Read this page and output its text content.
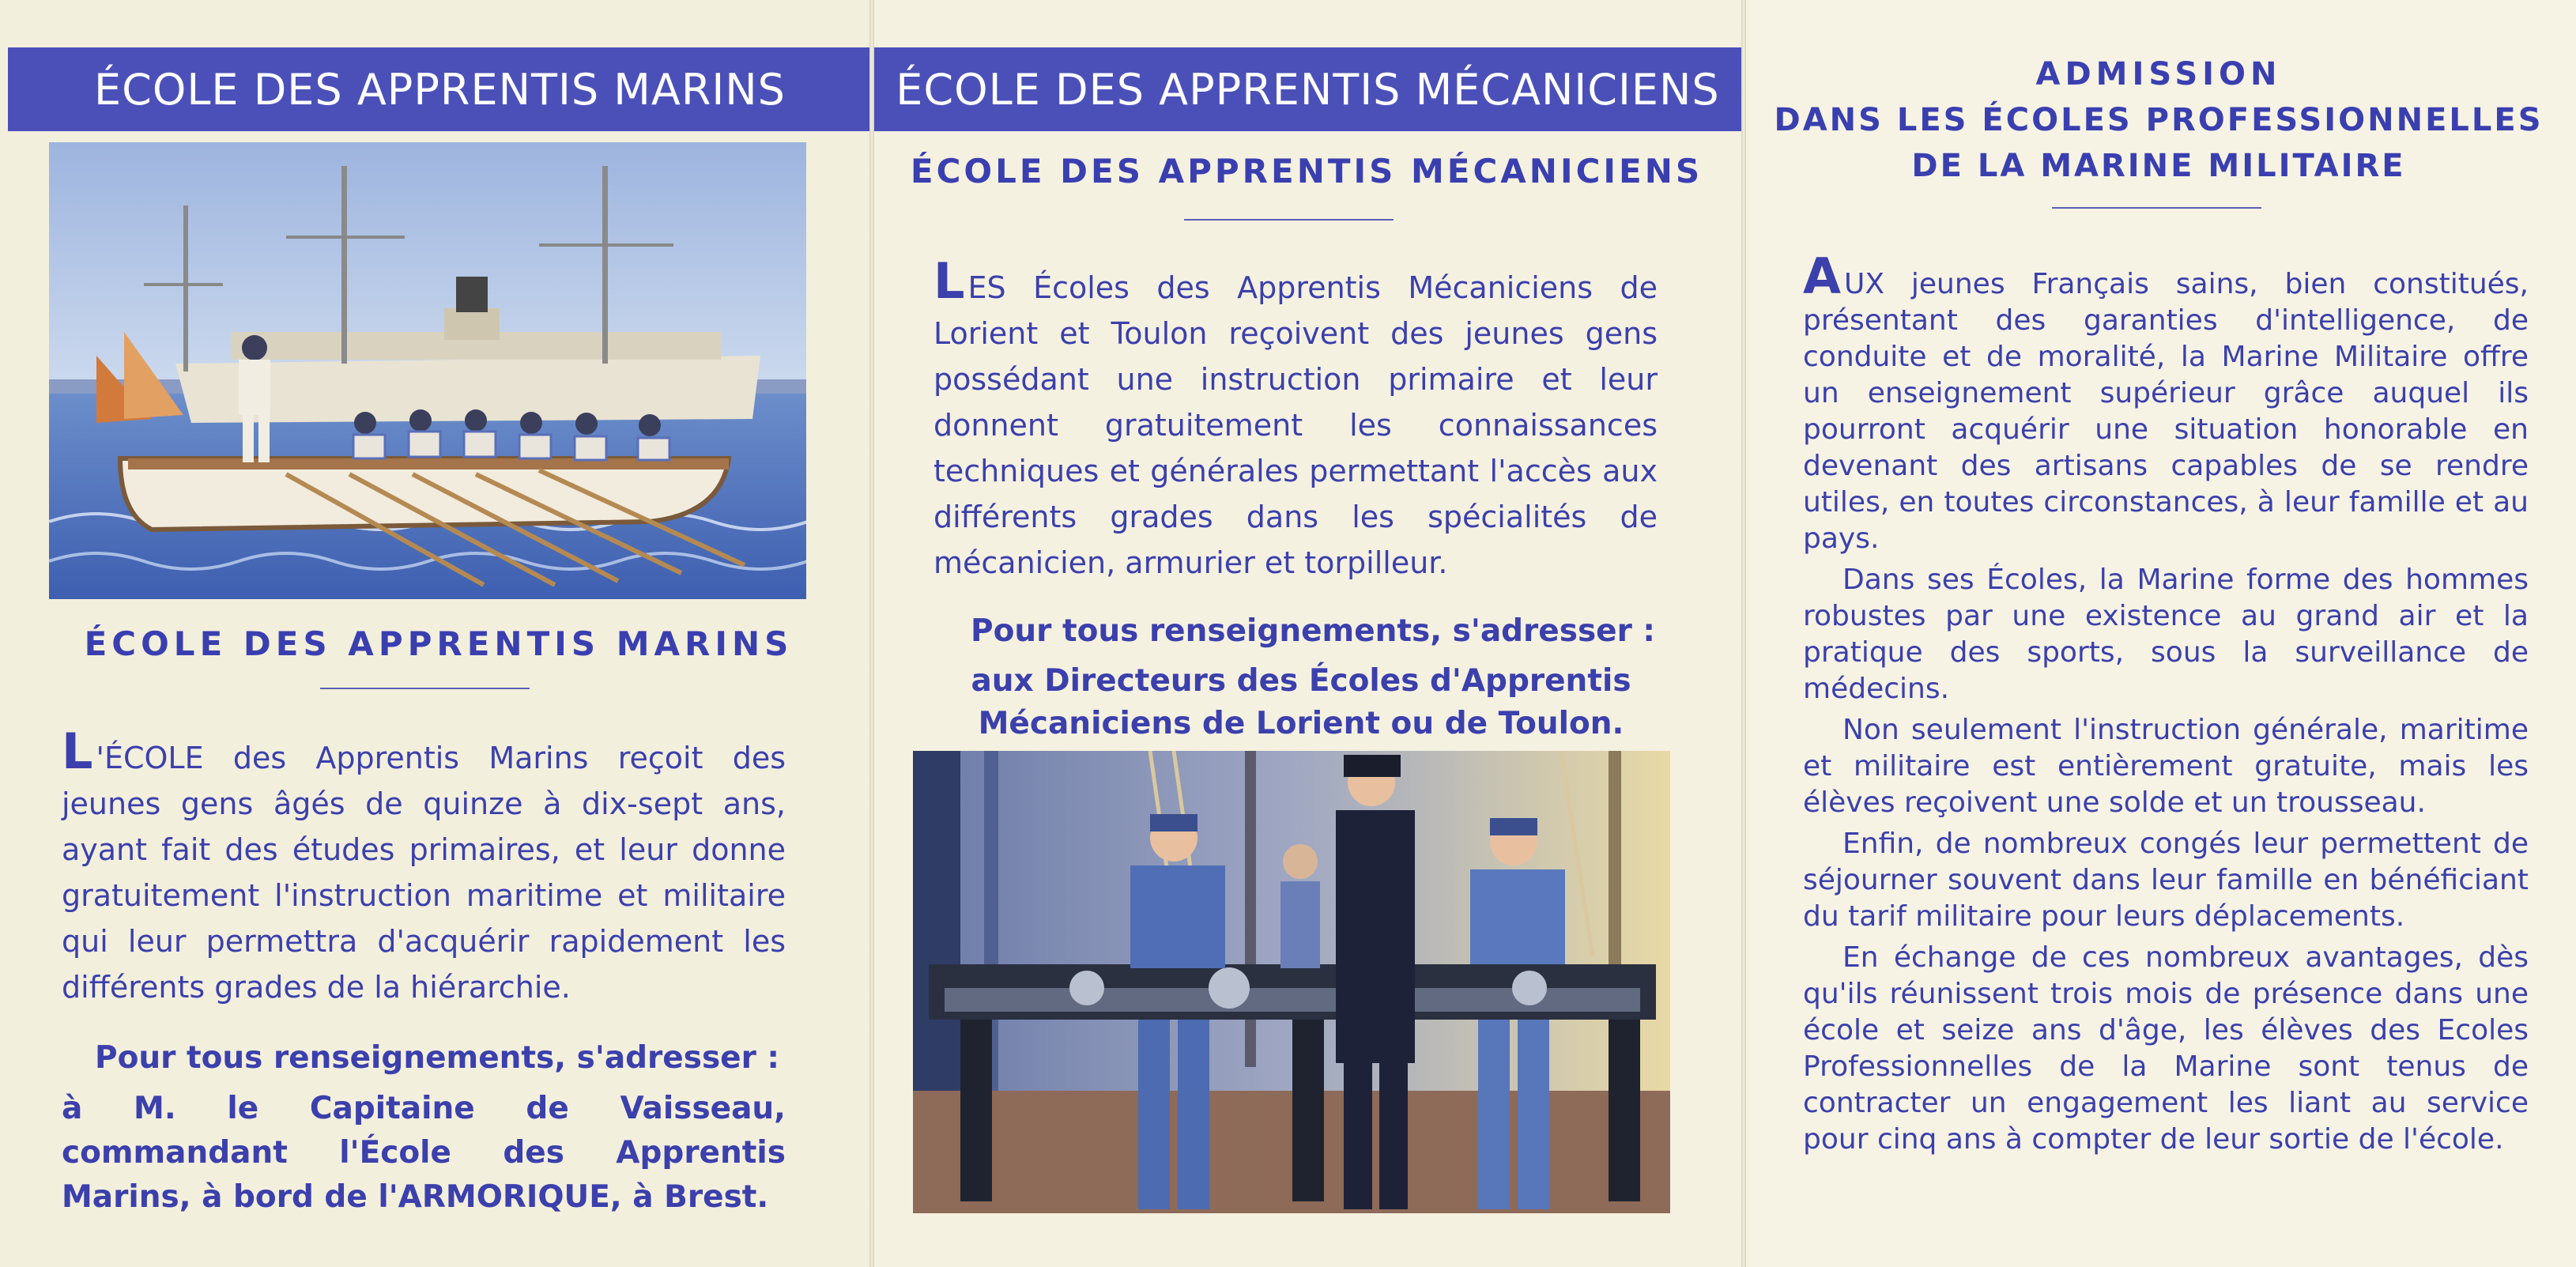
ÉCOLE DES APPRENTIS MARINS
ÉCOLE DES APPRENTIS MARINS

L 'ÉCOLE des Apprentis Marins reçoit des jeunes gens âgés de quinze à dix-sept ans, ayant fait des études primaires, et leur donne gratuitement l'instruction maritime et militaire qui leur permettra d'acquérir rapidement les différents grades de la hiérarchie.

Pour tous renseignements, s'adresser :
à M. le Capitaine de Vaisseau, commandant l'École des Apprentis Marins, à bord de l'ARMORIQUE, à Brest.
ÉCOLE DES APPRENTIS MÉCANICIENS
ÉCOLE DES APPRENTIS MÉCANICIENS

LES Écoles des Apprentis Mécaniciens de Lorient et Toulon reçoivent des jeunes gens possédant une instruction primaire et leur donnent gratuitement les connaissances techniques et générales permettant l'accès aux différents grades dans les spécialités de mécanicien, armurier et torpilleur.

Pour tous renseignements, s'adresser :
aux Directeurs des Écoles d'Apprentis Mécaniciens de Lorient ou de Toulon.
ADMISSION
DANS LES ÉCOLES PROFESSIONNELLES
DE LA MARINE MILITAIRE

AUX jeunes Français sains, bien constitués, présentant des garanties d'intelligence, de conduite et de moralité, la Marine Militaire offre un enseignement supérieur grâce auquel ils pourront acquérir une situation honorable en devenant des artisans capables de se rendre utiles, en toutes circonstances, à leur famille et au pays.

Dans ses Écoles, la Marine forme des hommes robustes par une existence au grand air et la pratique des sports, sous la surveillance de médecins.

Non seulement l'instruction générale, maritime et militaire est entièrement gratuite, mais les élèves reçoivent une solde et un trousseau.

Enfin, de nombreux congés leur permettent de séjourner souvent dans leur famille en bénéficiant du tarif militaire pour leurs déplacements.

En échange de ces nombreux avantages, dès qu'ils réunissent trois mois de présence dans une école et seize ans d'âge, les élèves des Ecoles Professionnelles de la Marine sont tenus de contracter un engagement les liant au service pour cinq ans à compter de leur sortie de l'école.
